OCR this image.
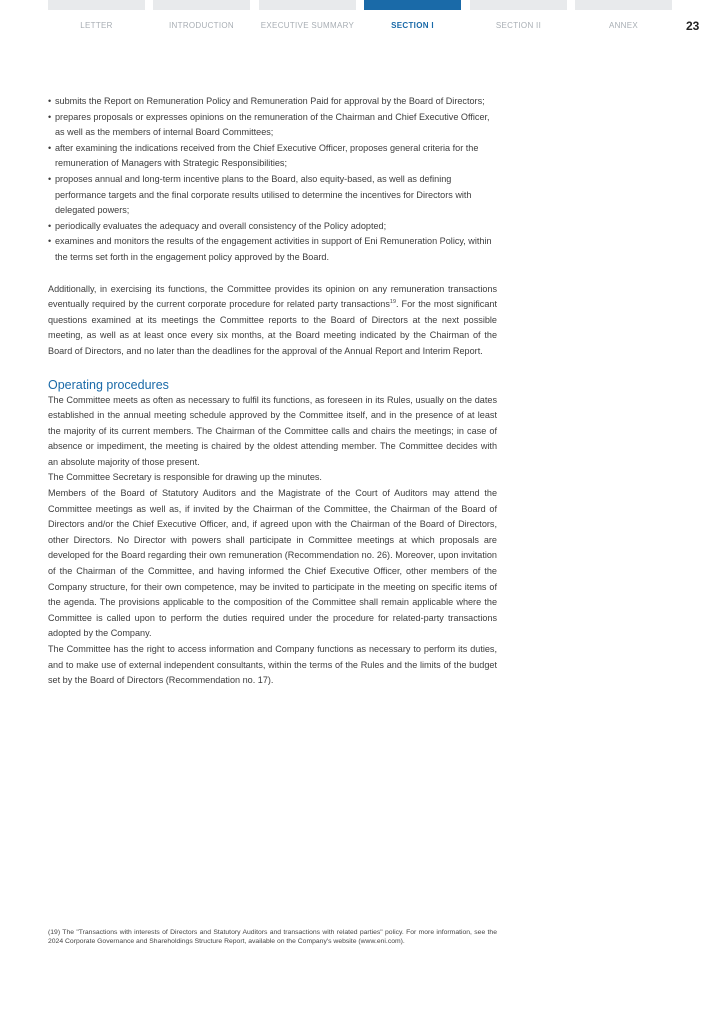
LETTER	INTRODUCTION	EXECUTIVE SUMMARY	SECTION I	SECTION II	ANNEX	23
• submits the Report on Remuneration Policy and Remuneration Paid for approval by the Board of Directors;
• prepares proposals or expresses opinions on the remuneration of the Chairman and Chief Executive Officer, as well as the members of internal Board Committees;
• after examining the indications received from the Chief Executive Officer, proposes general criteria for the remuneration of Managers with Strategic Responsibilities;
• proposes annual and long-term incentive plans to the Board, also equity-based, as well as defining performance targets and the final corporate results utilised to determine the incentives for Directors with delegated powers;
• periodically evaluates the adequacy and overall consistency of the Policy adopted;
• examines and monitors the results of the engagement activities in support of Eni Remuneration Policy, within the terms set forth in the engagement policy approved by the Board.

Additionally, in exercising its functions, the Committee provides its opinion on any remuneration transactions eventually required by the current corporate procedure for related party transactions$^{19}$. For the most significant questions examined at its meetings the Committee reports to the Board of Directors at the next possible meeting, as well as at least once every six months, at the Board meeting indicated by the Chairman of the Board of Directors, and no later than the deadlines for the approval of the Annual Report and Interim Report.

Operating procedures

The Committee meets as often as necessary to fulfil its functions, as foreseen in its Rules, usually on the dates established in the annual meeting schedule approved by the Committee itself, and in the presence of at least the majority of its current members. The Chairman of the Committee calls and chairs the meetings; in case of absence or impediment, the meeting is chaired by the oldest attending member. The Committee decides with an absolute majority of those present.

The Committee Secretary is responsible for drawing up the minutes.

Members of the Board of Statutory Auditors and the Magistrate of the Court of Auditors may attend the Committee meetings as well as, if invited by the Chairman of the Committee, the Chairman of the Board of Directors and/or the Chief Executive Officer, and, if agreed upon with the Chairman of the Board of Directors, other Directors. No Director with powers shall participate in Committee meetings at which proposals are developed for the Board regarding their own remuneration (Recommendation no. 26). Moreover, upon invitation of the Chairman of the Committee, and having informed the Chief Executive Officer, other members of the Company structure, for their own competence, may be invited to participate in the meeting on specific items of the agenda. The provisions applicable to the composition of the Committee shall remain applicable where the Committee is called upon to perform the duties required under the procedure for related-party transactions adopted by the Company.

The Committee has the right to access information and Company functions as necessary to perform its duties, and to make use of external independent consultants, within the terms of the Rules and the limits of the budget set by the Board of Directors (Recommendation no. 17).

(19) The "Transactions with interests of Directors and Statutory Auditors and transactions with related parties" policy. For more information, see the 2024 Corporate Governance and Shareholdings Structure Report, available on the Company's website (www.eni.com).
